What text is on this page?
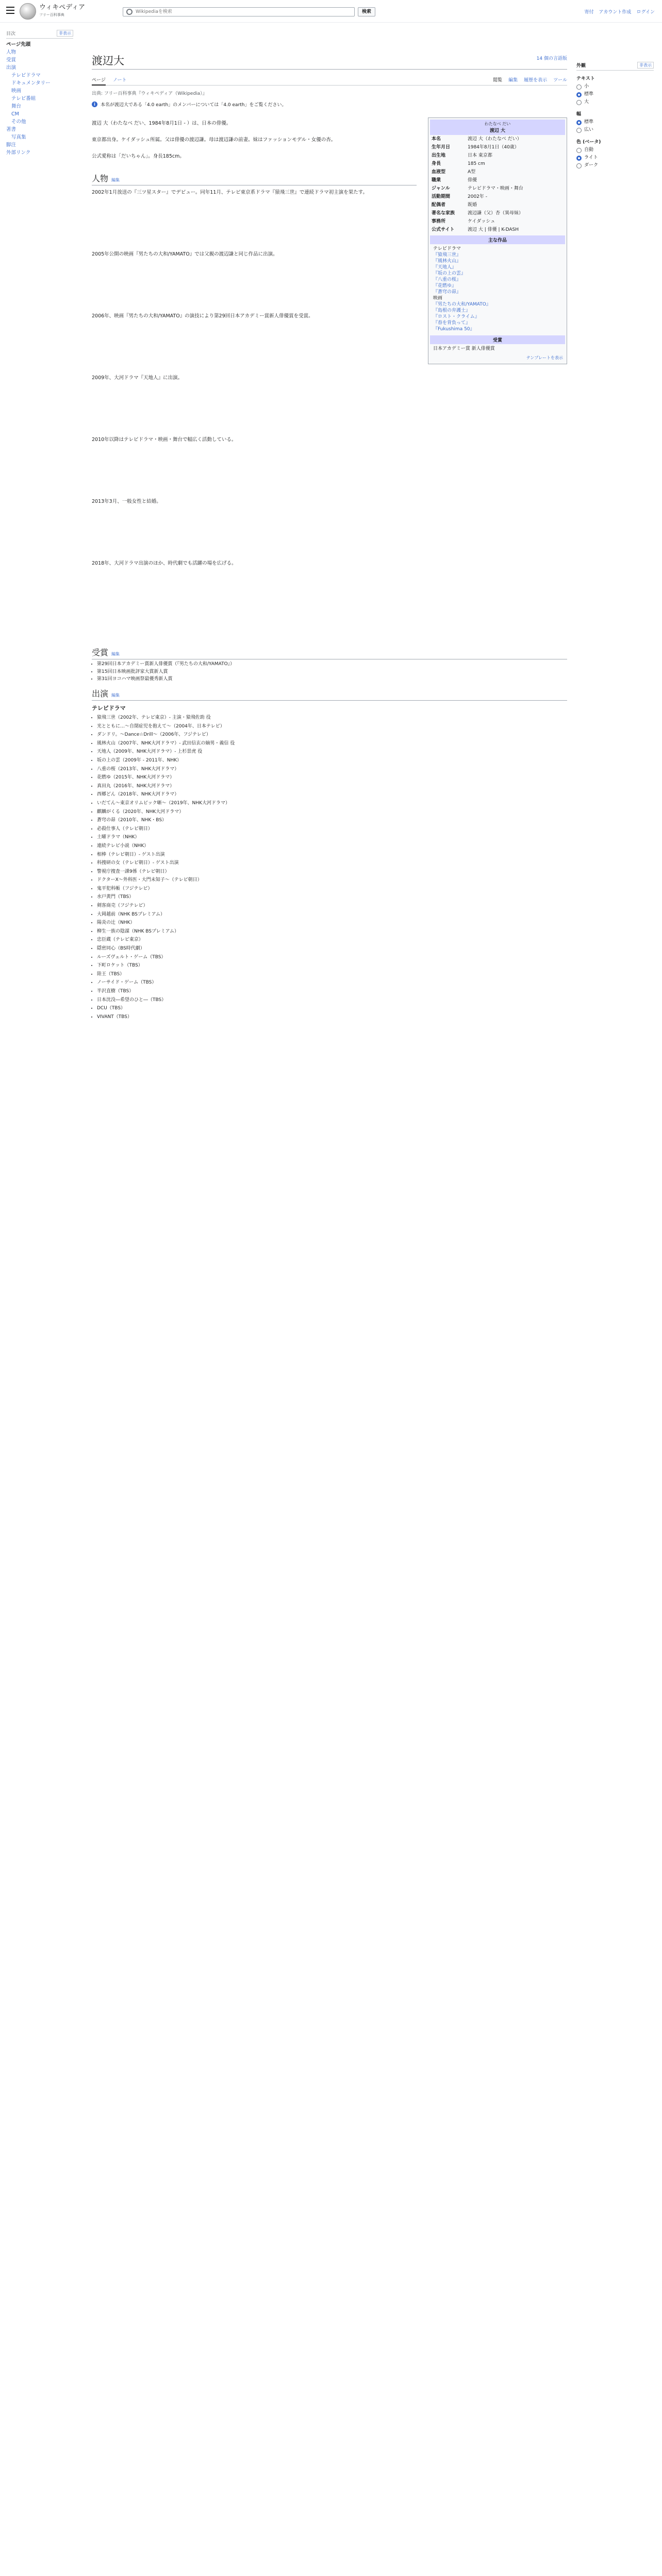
ウィキペディア
フリー百科事典
Wikipediaを検索
検索	寄付 アカウント作成 ログイン
目次	非表示
ページ先頭
人物
受賞
出演
テレビドラマ
ドキュメンタリー
映画
テレビ番組
舞台
CM
その他
著書
写真集
脚注
外部リンク
外観	非表示
テキスト
小
標準
大
幅
標準
広い
色 (ベータ)
自動
ライト
ダーク
渡辺大	14 個の言語版
ページ ノート	閲覧 編集 履歴を表示 ツール
出典: フリー百科事典『ウィキペディア（Wikipedia）』
i	本名が渡辺大である「4.0 earth」のメンバーについては「4.0 earth」をご覧ください。
わたなべ だい
渡辺 大
本名	渡辺 大（わたなべ だい）
生年月日	1984年8月1日（40歳）
出生地	日本 東京都
身長	185 cm
血液型	A型
職業	俳優
ジャンル	テレビドラマ・映画・舞台
活動期間	2002年 -
配偶者	既婚
著名な家族	渡辺謙（父）杏（異母妹）
事務所	ケイダッシュ
公式サイト	渡辺 大 | 俳優 | K-DASH
主な作品
テレビドラマ
『猿飛三世』
『風林火山』
『天地人』
『坂の上の雲』
『八重の桜』
『花燃ゆ』
『蒼穹の昴』
映画
『男たちの大和/YAMATO』
『島根の弁護士』
『ロスト・クライム』
『春を背負って』
『Fukushima 50』
受賞
日本アカデミー賞 新人俳優賞
テンプレートを表示
渡辺 大（わたなべ だい、1984年8月1日 - ）は、日本の俳優。
東京都出身。ケイダッシュ所属。父は俳優の渡辺謙。母は渡辺謙の前妻。妹はファッションモデル・女優の杏。
公式愛称は「だいちゃん」。身長185cm。
人物 編集
2002年1月放送の『三ツ星スター』でデビュー。同年11月、テレビ東京系ドラマ『猿飛三世』で連続ドラマ初主演を果たす。
2005年公開の映画『男たちの大和/YAMATO』では父親の渡辺謙と同じ作品に出演。
2006年、映画『男たちの大和/YAMATO』の演技により第29回日本アカデミー賞新人俳優賞を受賞。
2009年、大河ドラマ『天地人』に出演。
2010年以降はテレビドラマ・映画・舞台で幅広く活動している。
2013年3月、一般女性と結婚。
2018年、大河ドラマ出演のほか、時代劇でも活躍の場を広げる。
受賞 編集
• 第29回日本アカデミー賞新人俳優賞（『男たちの大和/YAMATO』）
• 第15回日本映画批評家大賞新人賞
• 第31回ヨコハマ映画祭最優秀新人賞
出演 編集
テレビドラマ
• 猿飛三世（2002年、テレビ東京）- 主演・猿飛佐助 役
• 光とともに…〜自閉症児を抱えて〜（2004年、日本テレビ）
• ダンドリ。〜Dance☆Drill〜（2006年、フジテレビ）
• 風林火山（2007年、NHK大河ドラマ）- 武田信玄の嫡男・義信 役
• 天地人（2009年、NHK大河ドラマ）- 上杉景虎 役
• 坂の上の雲（2009年 - 2011年、NHK）
• 八重の桜（2013年、NHK大河ドラマ）
• 花燃ゆ（2015年、NHK大河ドラマ）
• 真田丸（2016年、NHK大河ドラマ）
• 西郷どん（2018年、NHK大河ドラマ）
• いだてん〜東京オリムピック噺〜（2019年、NHK大河ドラマ）
• 麒麟がくる（2020年、NHK大河ドラマ）
• 蒼穹の昴（2010年、NHK・BS）
• 必殺仕事人（テレビ朝日）
• 土曜ドラマ（NHK）
• 連続テレビ小説（NHK）
• 相棒（テレビ朝日）- ゲスト出演
• 科捜研の女（テレビ朝日）- ゲスト出演
• 警視庁捜査一課9係（テレビ朝日）
• ドクターX〜外科医・大門未知子〜（テレビ朝日）
• 鬼平犯科帳（フジテレビ）
• 水戸黄門（TBS）
• 剣客商売（フジテレビ）
• 大岡越前（NHK BSプレミアム）
• 陽炎の辻（NHK）
• 柳生一族の陰謀（NHK BSプレミアム）
• 忠臣蔵（テレビ東京）
• 隠密同心（BS時代劇）
• ルーズヴェルト・ゲーム（TBS）
• 下町ロケット（TBS）
• 陸王（TBS）
• ノーサイド・ゲーム（TBS）
• 半沢直樹（TBS）
• 日本沈没―希望のひと―（TBS）
• DCU（TBS）
• VIVANT（TBS）
